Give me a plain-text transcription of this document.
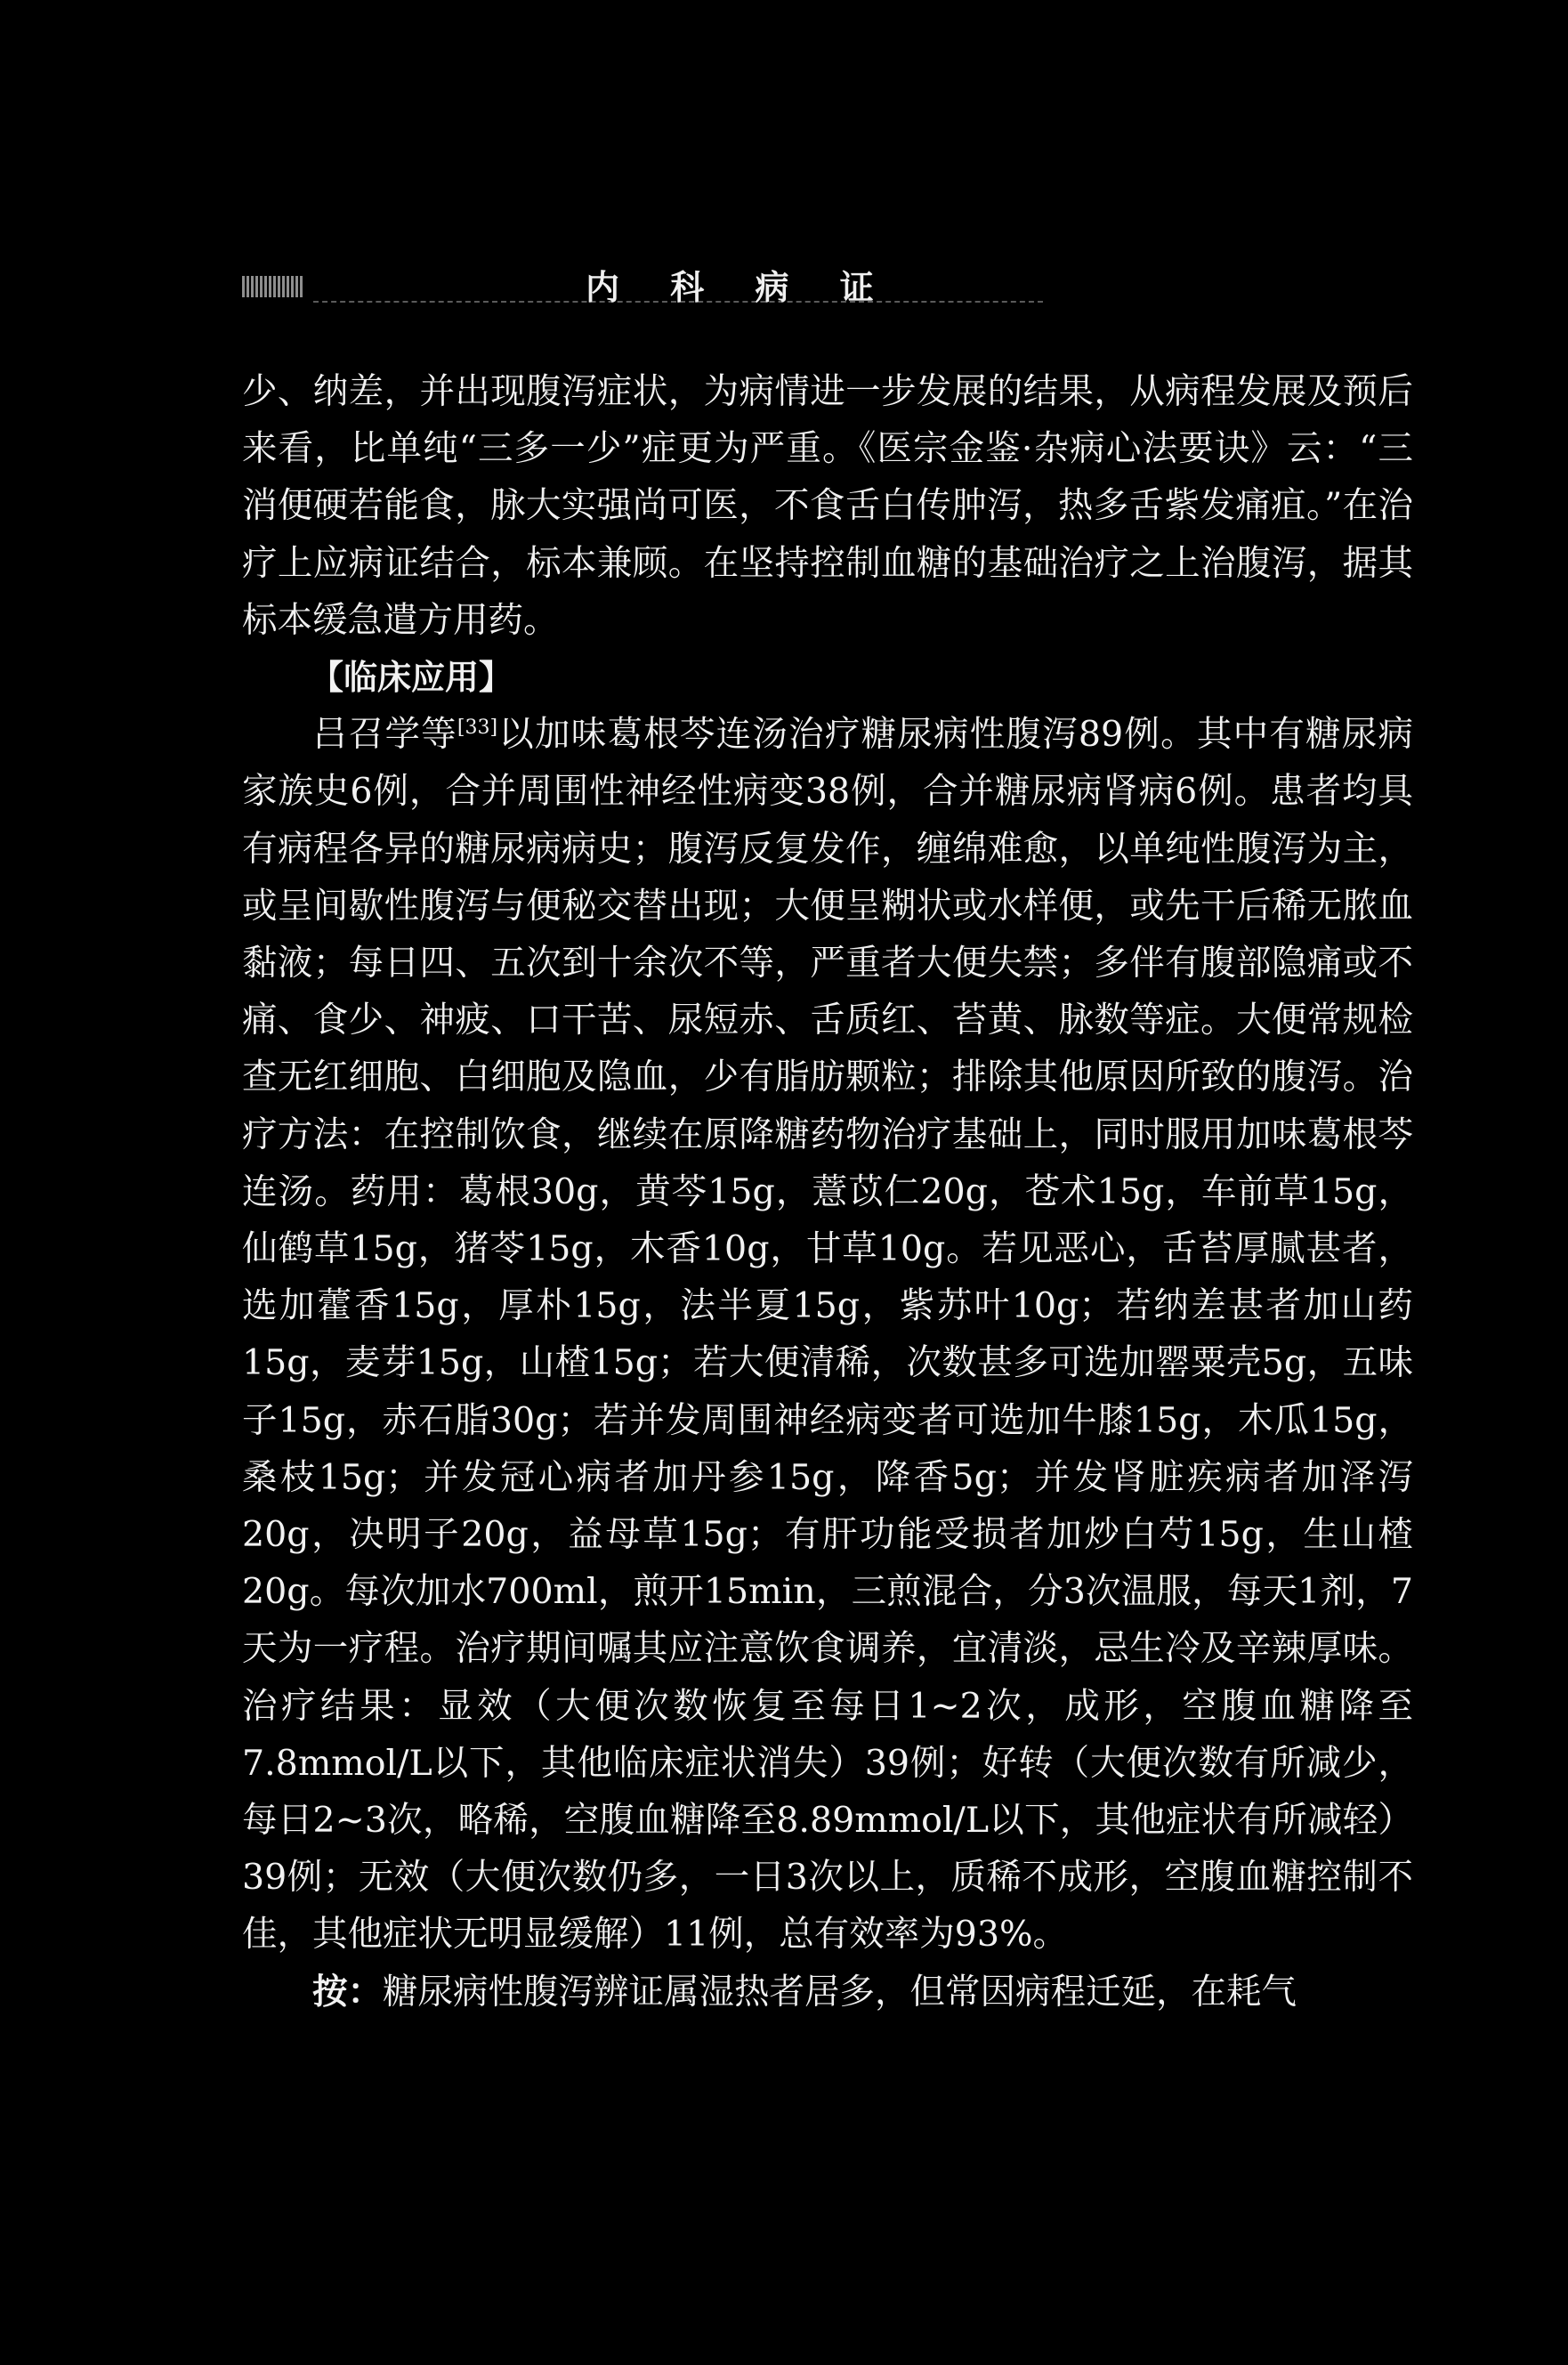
内 科 病 证

少、纳差，并出现腹泻症状，为病情进一步发展的结果，从病程发展及预后来看，比单纯“三多一少”症更为严重。《医宗金鉴·杂病心法要诀》云：“三消便硬若能食，脉大实强尚可医，不食舌白传肿泻，热多舌紫发痛疽。”在治疗上应病证结合，标本兼顾。在坚持控制血糖的基础治疗之上治腹泻，据其标本缓急遣方用药。

【临床应用】

吕召学等[33]以加味葛根芩连汤治疗糖尿病性腹泻89例。其中有糖尿病家族史6例，合并周围性神经性病变38例，合并糖尿病肾病6例。患者均具有病程各异的糖尿病病史；腹泻反复发作，缠绵难愈，以单纯性腹泻为主，或呈间歇性腹泻与便秘交替出现；大便呈糊状或水样便，或先干后稀无脓血黏液；每日四、五次到十余次不等，严重者大便失禁；多伴有腹部隐痛或不痛、食少、神疲、口干苦、尿短赤、舌质红、苔黄、脉数等症。大便常规检查无红细胞、白细胞及隐血，少有脂肪颗粒；排除其他原因所致的腹泻。治疗方法：在控制饮食，继续在原降糖药物治疗基础上，同时服用加味葛根芩连汤。药用：葛根30g，黄芩15g，薏苡仁20g，苍术15g，车前草15g，仙鹤草15g，猪苓15g，木香10g，甘草10g。若见恶心，舌苔厚腻甚者，选加藿香15g，厚朴15g，法半夏15g，紫苏叶10g；若纳差甚者加山药15g，麦芽15g，山楂15g；若大便清稀，次数甚多可选加罂粟壳5g，五味子15g，赤石脂30g；若并发周围神经病变者可选加牛膝15g，木瓜15g，桑枝15g；并发冠心病者加丹参15g，降香5g；并发肾脏疾病者加泽泻20g，决明子20g，益母草15g；有肝功能受损者加炒白芍15g，生山楂20g。每次加水700ml，煎开15min，三煎混合，分3次温服，每天1剂，7天为一疗程。治疗期间嘱其应注意饮食调养，宜清淡，忌生冷及辛辣厚味。治疗结果：显效（大便次数恢复至每日1~2次，成形，空腹血糖降至7.8mmol/L以下，其他临床症状消失）39例；好转（大便次数有所减少，每日2~3次，略稀，空腹血糖降至8.89mmol/L以下，其他症状有所减轻）39例；无效（大便次数仍多，一日3次以上，质稀不成形，空腹血糖控制不佳，其他症状无明显缓解）11例，总有效率为93%。

按：糖尿病性腹泻辨证属湿热者居多，但常因病程迁延，在耗气
